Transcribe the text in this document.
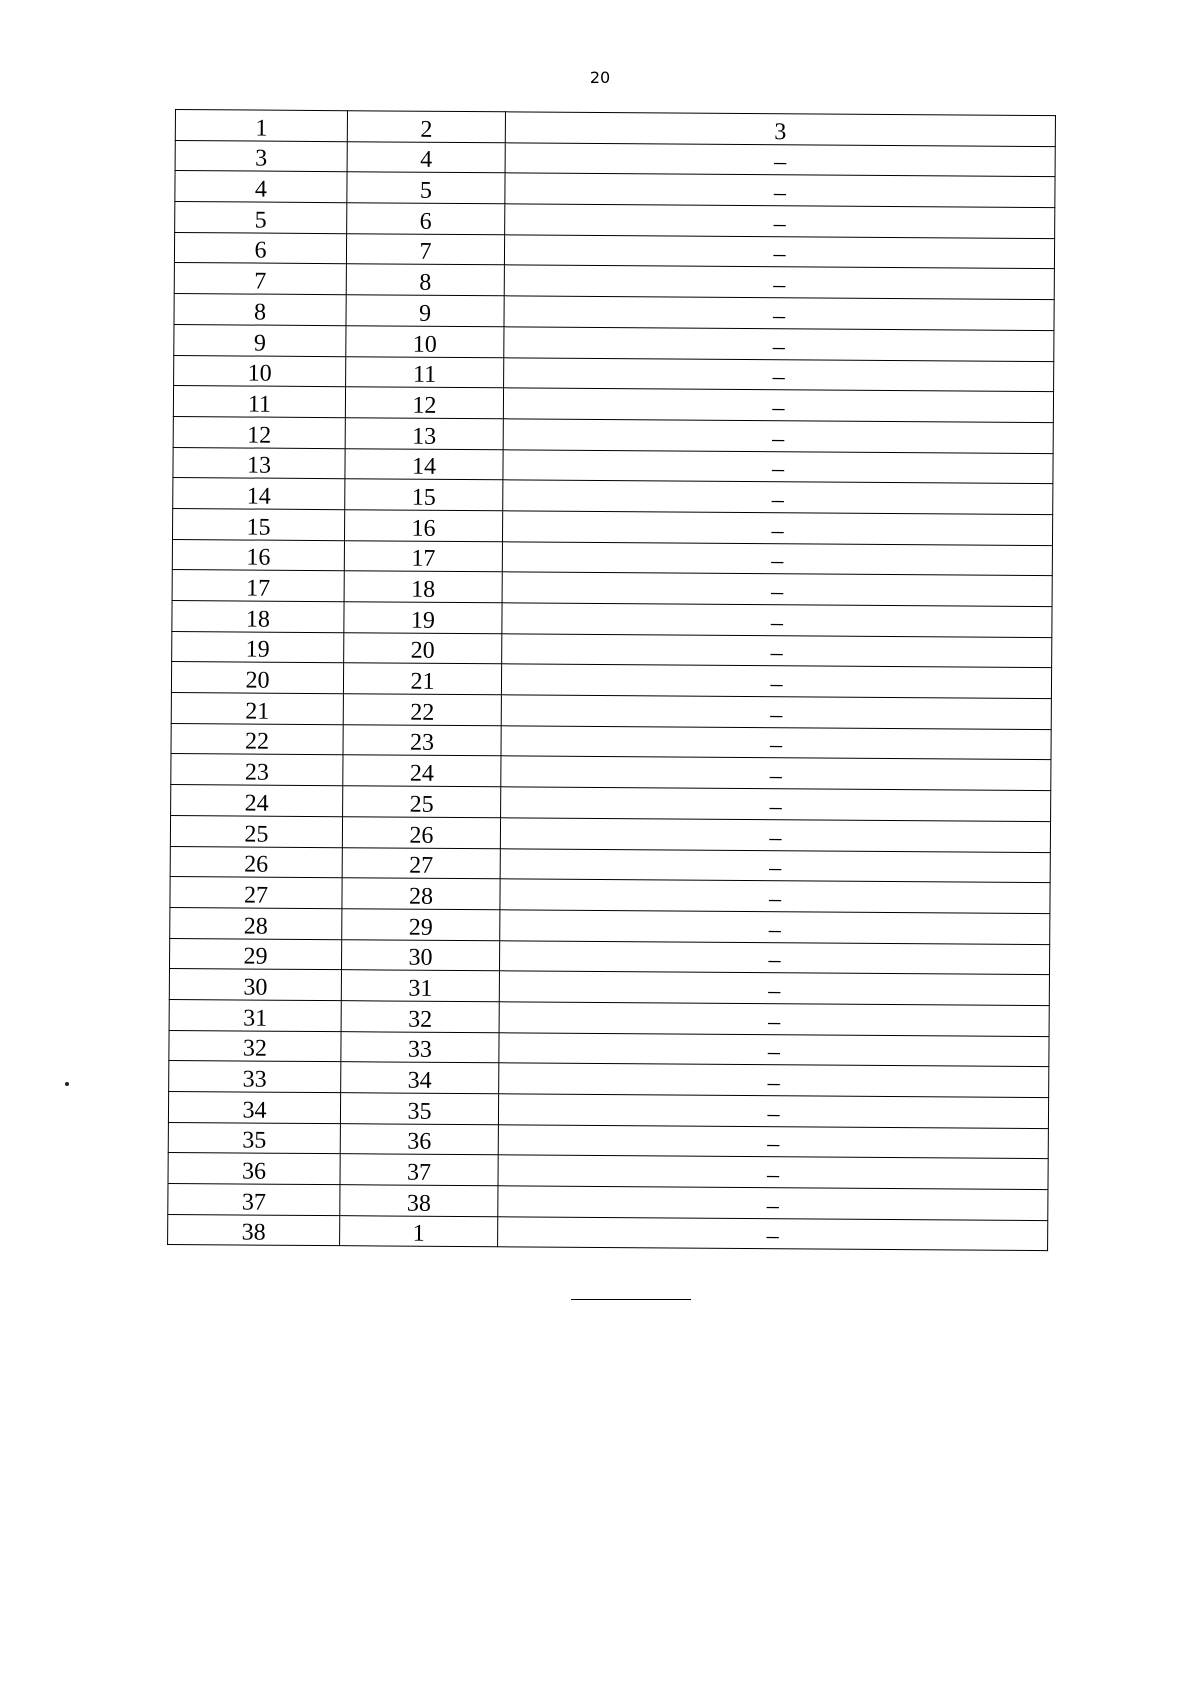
20
1	2	3
3	4	–
4	5	–
5	6	–
6	7	–
7	8	–
8	9	–
9	10	–
10	11	–
11	12	–
12	13	–
13	14	–
14	15	–
15	16	–
16	17	–
17	18	–
18	19	–
19	20	–
20	21	–
21	22	–
22	23	–
23	24	–
24	25	–
25	26	–
26	27	–
27	28	–
28	29	–
29	30	–
30	31	–
31	32	–
32	33	–
33	34	–
34	35	–
35	36	–
36	37	–
37	38	–
38	1	–
